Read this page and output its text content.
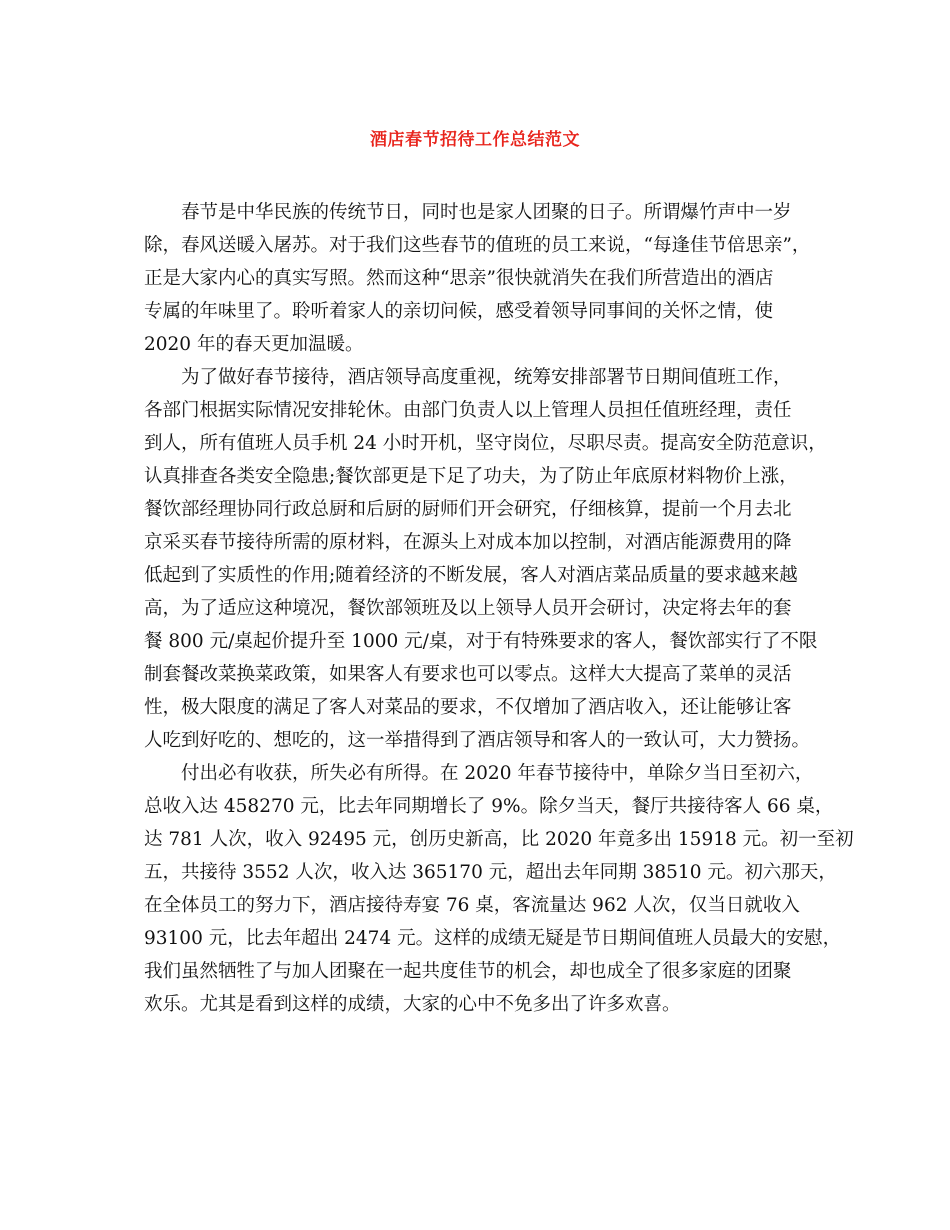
酒店春节招待工作总结范文
春节是中华民族的传统节日，同时也是家人团聚的日子。所谓爆竹声中一岁
除，春风送暖入屠苏。对于我们这些春节的值班的员工来说，“每逢佳节倍思亲”，
正是大家内心的真实写照。然而这种“思亲”很快就消失在我们所营造出的酒店
专属的年味里了。聆听着家人的亲切问候，感受着领导同事间的关怀之情，使
2020 年的春天更加温暖。
为了做好春节接待，酒店领导高度重视，统筹安排部署节日期间值班工作，
各部门根据实际情况安排轮休。由部门负责人以上管理人员担任值班经理，责任
到人，所有值班人员手机 24 小时开机，坚守岗位，尽职尽责。提高安全防范意识，
认真排查各类安全隐患;餐饮部更是下足了功夫，为了防止年底原材料物价上涨，
餐饮部经理协同行政总厨和后厨的厨师们开会研究，仔细核算，提前一个月去北
京采买春节接待所需的原材料，在源头上对成本加以控制，对酒店能源费用的降
低起到了实质性的作用;随着经济的不断发展，客人对酒店菜品质量的要求越来越
高，为了适应这种境况，餐饮部领班及以上领导人员开会研讨，决定将去年的套
餐 800 元/桌起价提升至 1000 元/桌，对于有特殊要求的客人，餐饮部实行了不限
制套餐改菜换菜政策，如果客人有要求也可以零点。这样大大提高了菜单的灵活
性，极大限度的满足了客人对菜品的要求，不仅增加了酒店收入，还让能够让客
人吃到好吃的、想吃的，这一举措得到了酒店领导和客人的一致认可，大力赞扬。
付出必有收获，所失必有所得。在 2020 年春节接待中，单除夕当日至初六，
总收入达 458270 元，比去年同期增长了 9%。除夕当天，餐厅共接待客人 66 桌，
达 781 人次，收入 92495 元，创历史新高，比 2020 年竟多出 15918 元。初一至初
五，共接待 3552 人次，收入达 365170 元，超出去年同期 38510 元。初六那天，
在全体员工的努力下，酒店接待寿宴 76 桌，客流量达 962 人次，仅当日就收入
93100 元，比去年超出 2474 元。这样的成绩无疑是节日期间值班人员最大的安慰，
我们虽然牺牲了与加人团聚在一起共度佳节的机会，却也成全了很多家庭的团聚
欢乐。尤其是看到这样的成绩，大家的心中不免多出了许多欢喜。
